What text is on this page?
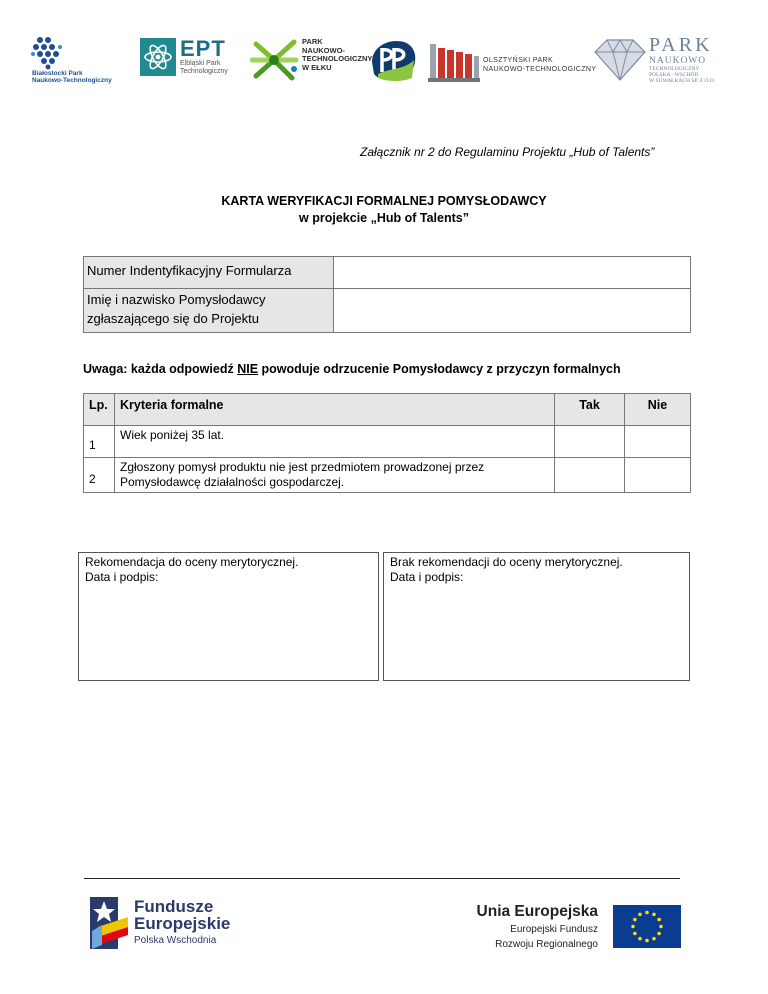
Białostocki Park
Naukowo-Technologiczny
EPT
Elbląski Park
Technologiczny
PARK
NAUKOWO-
TECHNOLOGICZNY
W EŁKU
OLSZTYŃSKI PARK
NAUKOWO-TECHNOLOGICZNY
PARK
NAUKOWO
TECHNOLOGICZNY
POLSKA - WSCHÓD
W SUWAŁKACH SP. Z O.O.
Załącznik nr 2 do Regulaminu Projektu „Hub of Talents”
KARTA WERYFIKACJI FORMALNEJ POMYSŁODAWCY
w projekcie „Hub of Talents”
Numer Indentyfikacyjny Formularza	

Imię i nazwisko Pomysłodawcy
zgłaszającego się do Projektu	

Uwaga: każda odpowiedź NIE powoduje odrzucenie Pomysłodawcy z przyczyn formalnych
Lp.	Kryteria formalne	Tak	Nie
1	Wiek poniżej 35 lat.		
2	Zgłoszony pomysł produktu nie jest przedmiotem prowadzonej przez Pomysłodawcę działalności gospodarczej.		
Rekomendacja do oceny merytorycznej.
Data i podpis:
Brak rekomendacji do oceny merytorycznej.
Data i podpis:
Fundusze
Europejskie
Polska Wschodnia
Unia Europejska
Europejski Fundusz
Rozwoju Regionalnego
